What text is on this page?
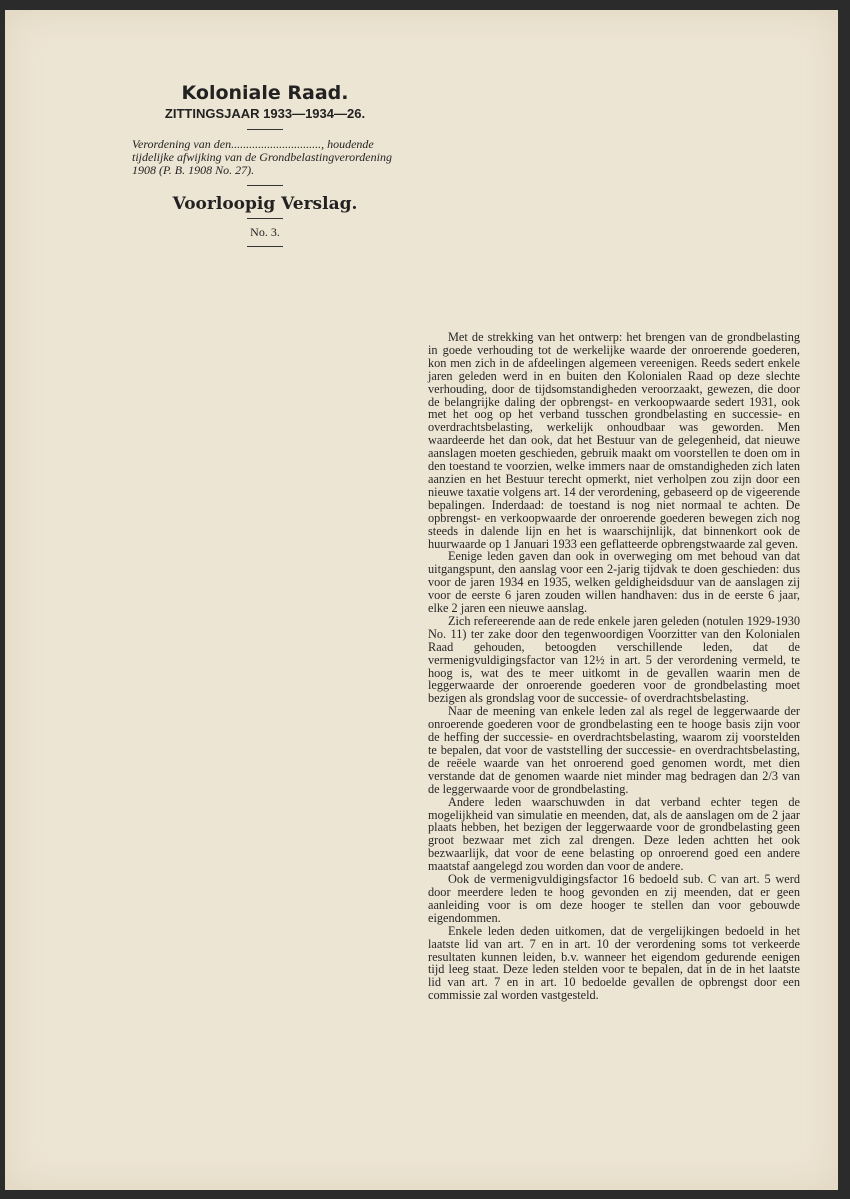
Koloniale Raad.
ZITTINGSJAAR 1933—1934—26.
Verordening van den.............................., houdende tijdelijke afwijking van de Grondbelastingverordening 1908 (P. B. 1908 No. 27).
Voorloopig Verslag.
No. 3.

Met de strekking van het ontwerp: het brengen van de grondbelasting in goede verhouding tot de werkelijke waarde der onroerende goederen, kon men zich in de afdeelingen algemeen vereenigen. Reeds sedert enkele jaren geleden werd in en buiten den Kolonialen Raad op deze slechte verhouding, door de tijdsomstandigheden veroorzaakt, gewezen, die door de belangrijke daling der opbrengst- en verkoopwaarde sedert 1931, ook met het oog op het verband tusschen grondbelasting en successie- en overdrachtsbelasting, werkelijk onhoudbaar was geworden. Men waardeerde het dan ook, dat het Bestuur van de gelegenheid, dat nieuwe aanslagen moeten geschieden, gebruik maakt om voorstellen te doen om in den toestand te voorzien, welke immers naar de omstandigheden zich laten aanzien en het Bestuur terecht opmerkt, niet verholpen zou zijn door een nieuwe taxatie volgens art. 14 der verordening, gebaseerd op de vigeerende bepalingen. Inderdaad: de toestand is nog niet normaal te achten. De opbrengst- en verkoopwaarde der onroerende goederen bewegen zich nog steeds in dalende lijn en het is waarschijnlijk, dat binnenkort ook de huurwaarde op 1 Januari 1933 een geflatteerde opbrengstwaarde zal geven.

Eenige leden gaven dan ook in overweging om met behoud van dat uitgangspunt, den aanslag voor een 2-jarig tijdvak te doen geschieden: dus voor de jaren 1934 en 1935, welken geldigheidsduur van de aanslagen zij voor de eerste 6 jaren zouden willen handhaven: dus in de eerste 6 jaar, elke 2 jaren een nieuwe aanslag.

Zich refereerende aan de rede enkele jaren geleden (notulen 1929-1930 No. 11) ter zake door den tegenwoordigen Voorzitter van den Kolonialen Raad gehouden, betoogden verschillende leden, dat de vermenigvuldigingsfactor van 12½ in art. 5 der verordening vermeld, te hoog is, wat des te meer uitkomt in de gevallen waarin men de leggerwaarde der onroerende goederen voor de grondbelasting moet bezigen als grondslag voor de successie- of overdrachtsbelasting.

Naar de meening van enkele leden zal als regel de leggerwaarde der onroerende goederen voor de grondbelasting een te hooge basis zijn voor de heffing der successie- en overdrachtsbelasting, waarom zij voorstelden te bepalen, dat voor de vaststelling der successie- en overdrachtsbelasting, de reëele waarde van het onroerend goed genomen wordt, met dien verstande dat de genomen waarde niet minder mag bedragen dan 2/3 van de leggerwaarde voor de grondbelasting.

Andere leden waarschuwden in dat verband echter tegen de mogelijkheid van simulatie en meenden, dat, als de aanslagen om de 2 jaar plaats hebben, het bezigen der leggerwaarde voor de grondbelasting geen groot bezwaar met zich zal drengen. Deze leden achtten het ook bezwaarlijk, dat voor de eene belasting op onroerend goed een andere maatstaf aangelegd zou worden dan voor de andere.

Ook de vermenigvuldigingsfactor 16 bedoeld sub. C van art. 5 werd door meerdere leden te hoog gevonden en zij meenden, dat er geen aanleiding voor is om deze hooger te stellen dan voor gebouwde eigendommen.

Enkele leden deden uitkomen, dat de vergelijkingen bedoeld in het laatste lid van art. 7 en in art. 10 der verordening soms tot verkeerde resultaten kunnen leiden, b.v. wanneer het eigendom gedurende eenigen tijd leeg staat. Deze leden stelden voor te bepalen, dat in de in het laatste lid van art. 7 en in art. 10 bedoelde gevallen de opbrengst door een commissie zal worden vastgesteld.
